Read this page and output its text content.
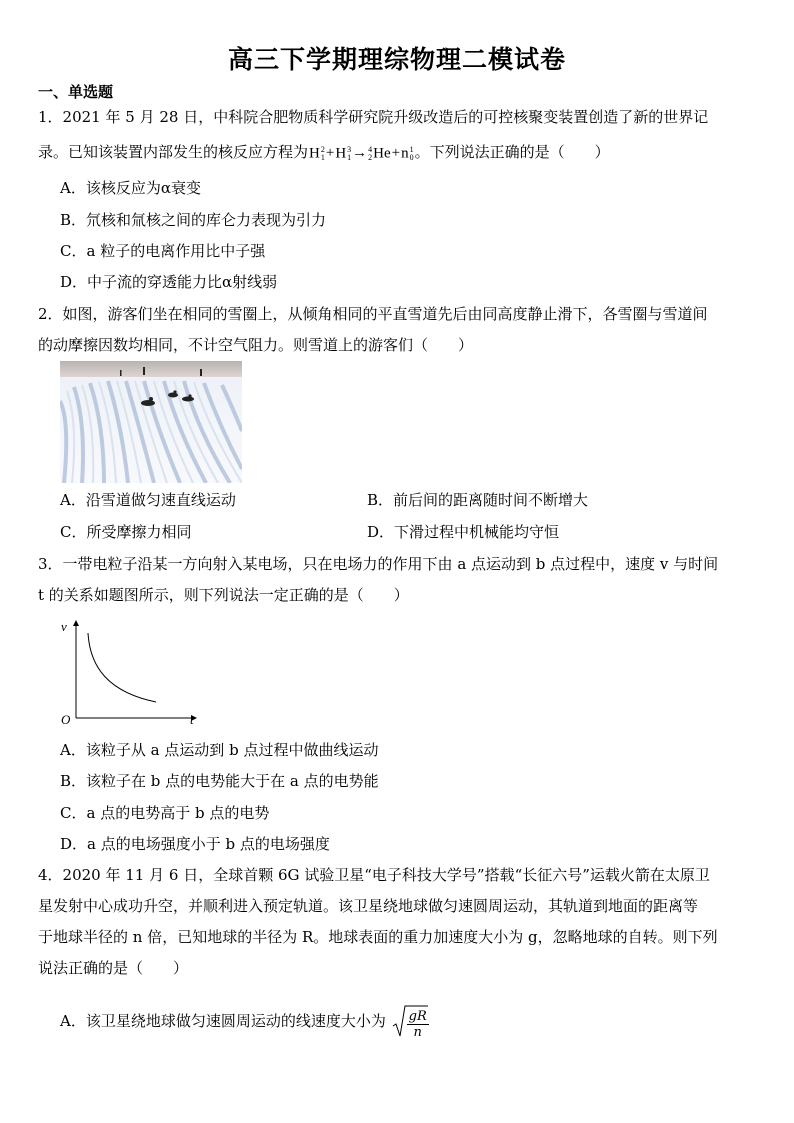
高三下学期理综物理二模试卷
一、单选题
1．2021 年 5 月 28 日，中科院合肥物质科学研究院升级改造后的可控核聚变装置创造了新的世界记
录。已知该装置内部发生的核反应方程为H 2
1 +H 3
1 → 4
2 He+n 1
0 。下列说法正确的是（　　）
A．该核反应为α衰变
B．氘核和氚核之间的库仑力表现为引力
C．a 粒子的电离作用比中子强
D．中子流的穿透能力比α射线弱
2．如图，游客们坐在相同的雪圈上，从倾角相同的平直雪道先后由同高度静止滑下，各雪圈与雪道间
的动摩擦因数均相同，不计空气阻力。则雪道上的游客们（　　）
A．沿雪道做匀速直线运动	B．前后间的距离随时间不断增大
C．所受摩擦力相同	D．下滑过程中机械能均守恒
3．一带电粒子沿某一方向射入某电场，只在电场力的作用下由 a 点运动到 b 点过程中，速度 v 与时间
t 的关系如题图所示，则下列说法一定正确的是（　　）
v
t
O
A．该粒子从 a 点运动到 b 点过程中做曲线运动
B．该粒子在 b 点的电势能大于在 a 点的电势能
C．a 点的电势高于 b 点的电势
D．a 点的电场强度小于 b 点的电场强度
4．2020 年 11 月 6 日，全球首颗 6G 试验卫星“电子科技大学号”搭载“长征六号”运载火箭在太原卫
星发射中心成功升空，并顺利进入预定轨道。该卫星绕地球做匀速圆周运动，其轨道到地面的距离等
于地球半径的 n 倍，已知地球的半径为 R。地球表面的重力加速度大小为 g，忽略地球的自转。则下列
说法正确的是（　　）
A．该卫星绕地球做匀速圆周运动的线速度大小为 $\frac{gR}{n}$
